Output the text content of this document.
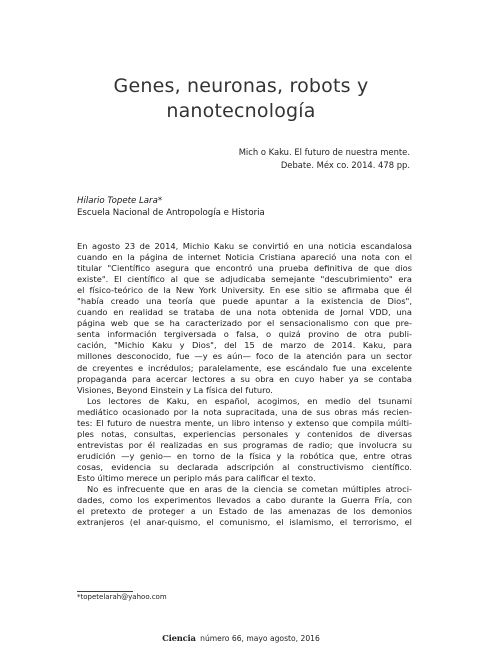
Genes, neuronas, robots y
nanotecnología
Mich o Kaku. El futuro de nuestra mente.
Debate. Méx co. 2014. 478 pp.
Hilario Topete Lara*
Escuela Nacional de Antropología e Historia
En agosto 23 de 2014, Michio Kaku se convirtió en una noticia escandalosa
cuando en la página de internet Noticia Cristiana apareció una nota con el
titular "Científico asegura que encontró una prueba definitiva de que dios
existe". El científico al que se adjudicaba semejante "descubrimiento" era
el físico-teórico de la New York University. En ese sitio se afirmaba que él
"había creado una teoría que puede apuntar a la existencia de Dios",
cuando en realidad se trataba de una nota obtenida de Jornal VDD, una
página web que se ha caracterizado por el sensacionalismo con que pre-
senta información tergiversada o falsa, o quizá provino de otra publi-
cación, "Michio Kaku y Dios", del 15 de marzo de 2014. Kaku, para
millones desconocido, fue —y es aún— foco de la atención para un sector
de creyentes e incrédulos; paralelamente, ese escándalo fue una excelente
propaganda para acercar lectores a su obra en cuyo haber ya se contaba
Visiones, Beyond Einstein y La física del futuro.
Los lectores de Kaku, en español, acogimos, en medio del tsunami
mediático ocasionado por la nota supracitada, una de sus obras más recien-
tes: El futuro de nuestra mente, un libro intenso y extenso que compila múlti-
ples notas, consultas, experiencias personales y contenidos de diversas
entrevistas por él realizadas en sus programas de radio; que involucra su
erudición —y genio— en torno de la física y la robótica que, entre otras
cosas, evidencia su declarada adscripción al constructivismo científico.
Esto último merece un periplo más para calificar el texto.
No es infrecuente que en aras de la ciencia se cometan múltiples atroci-
dades, como los experimentos llevados a cabo durante la Guerra Fría, con
el pretexto de proteger a un Estado de las amenazas de los demonios
extranjeros (el anar-quismo, el comunismo, el islamismo, el terrorismo, el
*topetelarah@yahoo.com
Ciencia número 66, mayo agosto, 2016
